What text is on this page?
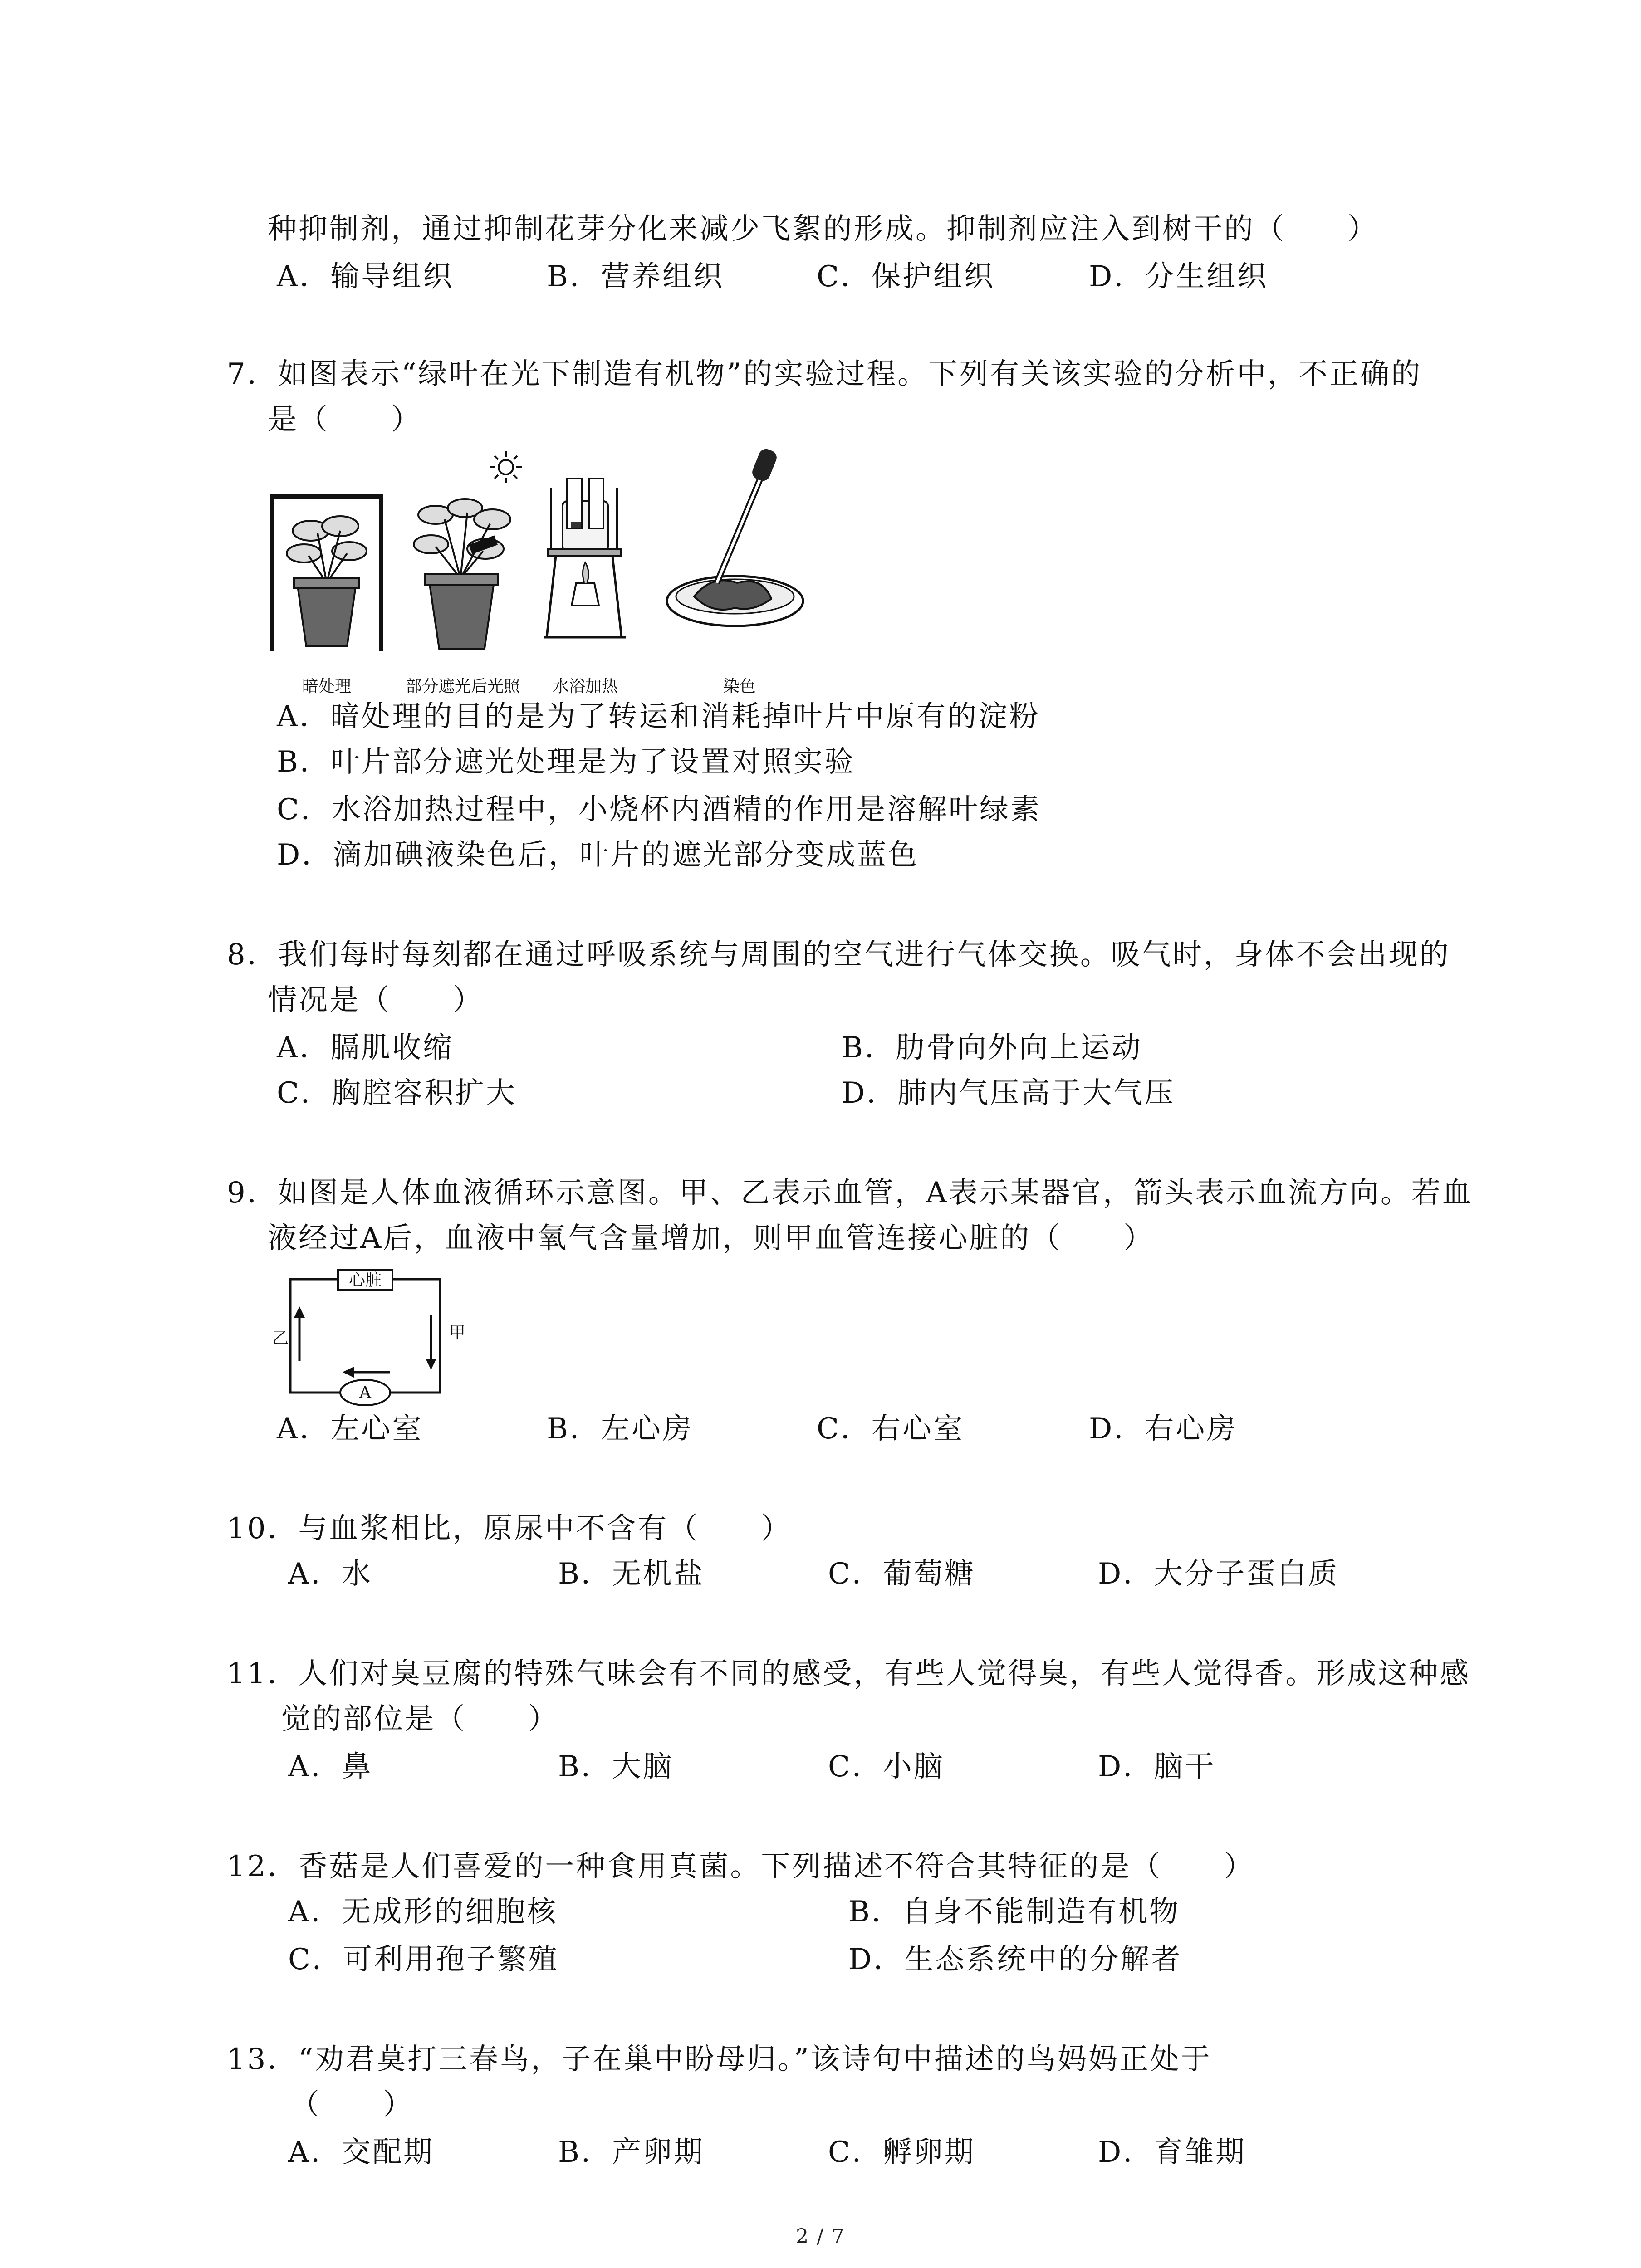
种抑制剂，通过抑制花芽分化来减少飞絮的形成。抑制剂应注入到树干的（　　）
A．输导组织	B．营养组织	C．保护组织	D．分生组织
7．如图表示“绿叶在光下制造有机物”的实验过程。下列有关该实验的分析中，不正确的
是（　　）
暗处理	部分遮光后光照 水浴加热	染色
A．暗处理的目的是为了转运和消耗掉叶片中原有的淀粉
B．叶片部分遮光处理是为了设置对照实验
C．水浴加热过程中，小烧杯内酒精的作用是溶解叶绿素
D．滴加碘液染色后，叶片的遮光部分变成蓝色
8．我们每时每刻都在通过呼吸系统与周围的空气进行气体交换。吸气时，身体不会出现的
情况是（　　）
A．膈肌收缩	B．肋骨向外向上运动
C．胸腔容积扩大	D．肺内气压高于大气压
9．如图是人体血液循环示意图。甲、乙表示血管，A表示某器官，箭头表示血流方向。若血
液经过A后，血液中氧气含量增加，则甲血管连接心脏的（　　）
心脏
A
乙	甲
A．左心室	B．左心房	C．右心室	D．右心房
10．与血浆相比，原尿中不含有（　　）
A．水	B．无机盐	C．葡萄糖	D．大分子蛋白质
11．人们对臭豆腐的特殊气味会有不同的感受，有些人觉得臭，有些人觉得香。形成这种感
觉的部位是（　　）
A．鼻	B．大脑	C．小脑	D．脑干
12．香菇是人们喜爱的一种食用真菌。下列描述不符合其特征的是（　　）
A．无成形的细胞核	B．自身不能制造有机物
C．可利用孢子繁殖	D．生态系统中的分解者
13．“劝君莫打三春鸟，子在巢中盼母归。”该诗句中描述的鸟妈妈正处于
（　　）
A．交配期	B．产卵期	C．孵卵期	D．育雏期
2 / 7
